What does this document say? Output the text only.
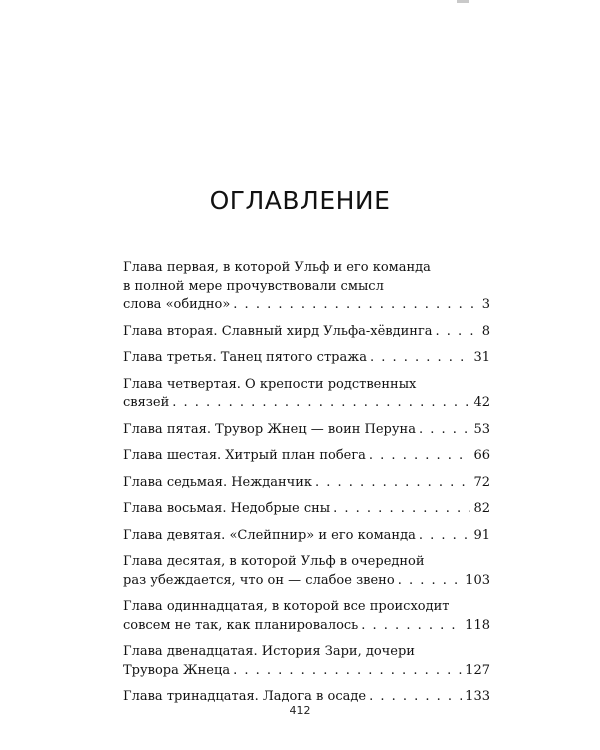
ОГЛАВЛЕНИЕ
Глава первая, в которой Ульф и его команда
в полной мере прочувствовали смысл
слова «обидно» . . .	3
Глава вторая. Славный хирд Ульфа-хёвдинга . . .	8
Глава третья. Танец пятого стража . . .	31
Глава четвертая. О крепости родственных
связей . . .	42
Глава пятая. Трувор Жнец — воин Перуна . . .	53
Глава шестая. Хитрый план побега . . .	66
Глава седьмая. Нежданчик . . .	72
Глава восьмая. Недобрые сны . . .	82
Глава девятая. «Слейпнир» и его команда . . .	91
Глава десятая, в которой Ульф в очередной
раз убеждается, что он — слабое звено . . .	103
Глава одиннадцатая, в которой все происходит
совсем не так, как планировалось . . .	118
Глава двенадцатая. История Зари, дочери
Трувора Жнеца . . .	127
Глава тринадцатая. Ладога в осаде . . .	133
412
